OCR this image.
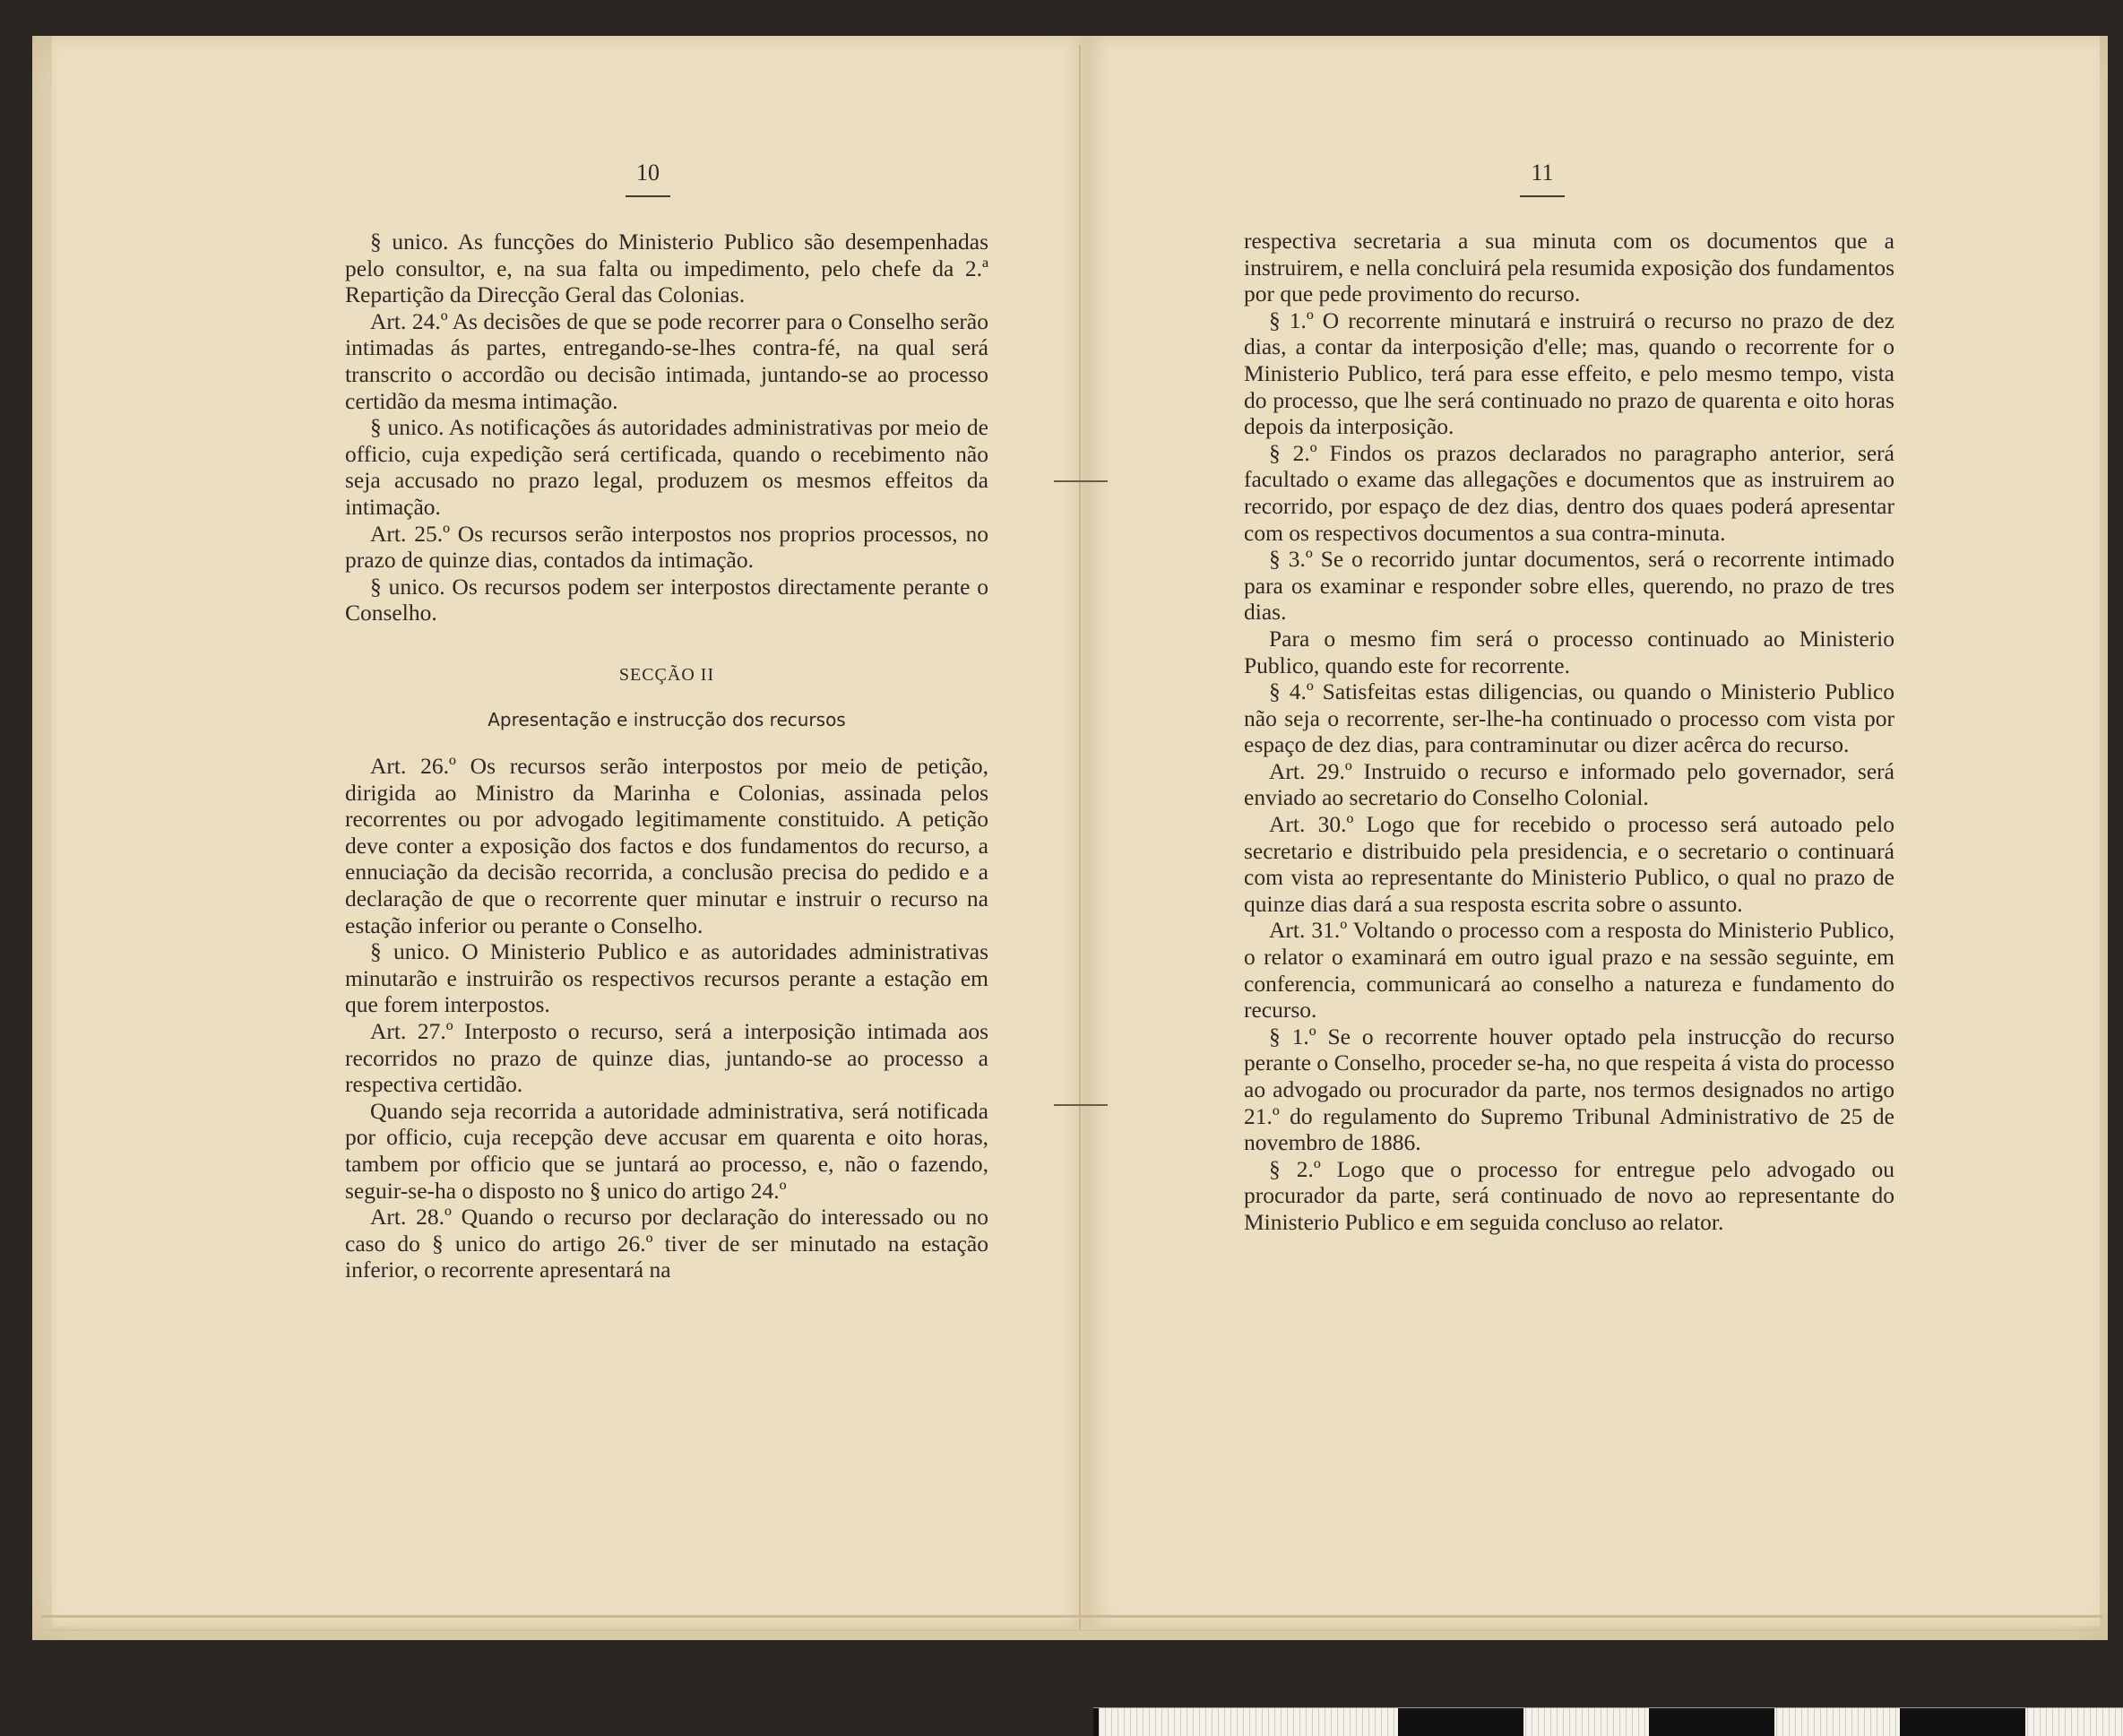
10

§ unico. As funcções do Ministerio Publico são desempenhadas pelo consultor, e, na sua falta ou impedimento, pelo chefe da 2.ª Repartição da Direcção Geral das Colonias.

Art. 24.º As decisões de que se pode recorrer para o Conselho serão intimadas ás partes, entregando-se-lhes contra-fé, na qual será transcrito o accordão ou decisão intimada, juntando-se ao processo certidão da mesma intimação.

§ unico. As notificações ás autoridades administrativas por meio de officio, cuja expedição será certificada, quando o recebimento não seja accusado no prazo legal, produzem os mesmos effeitos da intimação.

Art. 25.º Os recursos serão interpostos nos proprios processos, no prazo de quinze dias, contados da intimação.

§ unico. Os recursos podem ser interpostos directamente perante o Conselho.

SECÇÃO II

Apresentação e instrucção dos recursos

Art. 26.º Os recursos serão interpostos por meio de petição, dirigida ao Ministro da Marinha e Colonias, assinada pelos recorrentes ou por advogado legitimamente constituido. A petição deve conter a exposição dos factos e dos fundamentos do recurso, a ennuciação da decisão recorrida, a conclusão precisa do pedido e a declaração de que o recorrente quer minutar e instruir o recurso na estação inferior ou perante o Conselho.

§ unico. O Ministerio Publico e as autoridades administrativas minutarão e instruirão os respectivos recursos perante a estação em que forem interpostos.

Art. 27.º Interposto o recurso, será a interposição intimada aos recorridos no prazo de quinze dias, juntando-se ao processo a respectiva certidão.

Quando seja recorrida a autoridade administrativa, será notificada por officio, cuja recepção deve accusar em quarenta e oito horas, tambem por officio que se juntará ao processo, e, não o fazendo, seguir-se-ha o disposto no § unico do artigo 24.º

Art. 28.º Quando o recurso por declaração do interessado ou no caso do § unico do artigo 26.º tiver de ser minutado na estação inferior, o recorrente apresentará na

11

respectiva secretaria a sua minuta com os documentos que a instruirem, e nella concluirá pela resumida exposição dos fundamentos por que pede provimento do recurso.

§ 1.º O recorrente minutará e instruirá o recurso no prazo de dez dias, a contar da interposição d'elle; mas, quando o recorrente for o Ministerio Publico, terá para esse effeito, e pelo mesmo tempo, vista do processo, que lhe será continuado no prazo de quarenta e oito horas depois da interposição.

§ 2.º Findos os prazos declarados no paragrapho anterior, será facultado o exame das allegações e documentos que as instruirem ao recorrido, por espaço de dez dias, dentro dos quaes poderá apresentar com os respectivos documentos a sua contra-minuta.

§ 3.º Se o recorrido juntar documentos, será o recorrente intimado para os examinar e responder sobre elles, querendo, no prazo de tres dias.

Para o mesmo fim será o processo continuado ao Ministerio Publico, quando este for recorrente.

§ 4.º Satisfeitas estas diligencias, ou quando o Ministerio Publico não seja o recorrente, ser-lhe-ha continuado o processo com vista por espaço de dez dias, para contraminutar ou dizer acêrca do recurso.

Art. 29.º Instruido o recurso e informado pelo governador, será enviado ao secretario do Conselho Colonial.

Art. 30.º Logo que for recebido o processo será autoado pelo secretario e distribuido pela presidencia, e o secretario o continuará com vista ao representante do Ministerio Publico, o qual no prazo de quinze dias dará a sua resposta escrita sobre o assunto.

Art. 31.º Voltando o processo com a resposta do Ministerio Publico, o relator o examinará em outro igual prazo e na sessão seguinte, em conferencia, communicará ao conselho a natureza e fundamento do recurso.

§ 1.º Se o recorrente houver optado pela instrucção do recurso perante o Conselho, proceder se-ha, no que respeita á vista do processo ao advogado ou procurador da parte, nos termos designados no artigo 21.º do regulamento do Supremo Tribunal Administrativo de 25 de novembro de 1886.

§ 2.º Logo que o processo for entregue pelo advogado ou procurador da parte, será continuado de novo ao representante do Ministerio Publico e em seguida concluso ao relator.
